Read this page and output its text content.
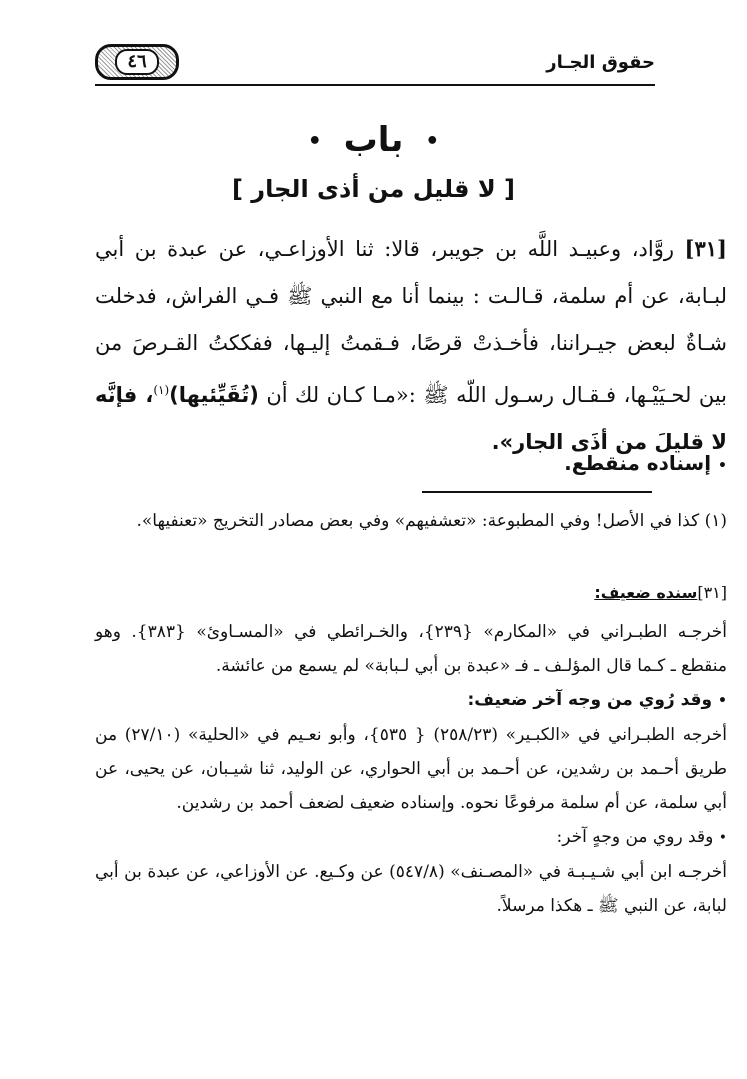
حقوق الجـار
٤٦
• باب •
[ لا قليل من أذى الجار ]
[٣١] روَّاد، وعبيـد اللَّه بن جويبر، قالا: ثنا الأوزاعـي، عن عبدة بن أبي لبـابة، عن أم سلمة، قـالـت : بينما أنا مع النبي ﷺ فـي الفراش، فدخلت شـاةٌ لبعض جيـراننا، فأخـذتْ قرصًا، فـقمتُ إليـها، ففككتُ القـرصَ من بين لحـيَيْـها، فـقـال رسـول اللّه ﷺ :«مـا كـان لك أن (تُقَيِّئيها)$^{(١)}$، فإنَّه لا قليلَ من أذَى الجار».
• إسناده منقطع.
(١) كذا في الأصل! وفي المطبوعة: «تعشفيهم» وفي بعض مصادر التخريج «تعنفيها».
[٣١]سنده ضعيف:

أخرجـه الطبـراني في «المكارم» {٢٣٩}، والخـرائطي في «المسـاوئ» {٣٨٣}. وهو منقطع ـ كـما قال المؤلـف ـ فـ «عبدة بن أبي لـبابة» لم يسمع من عائشة.

• وقد رُوي من وجه آخر ضعيف:

أخرجه الطبـراني في «الكبـير» (٢٥٨/٢٣) { ٥٣٥}، وأبو نعـيم في «الحلية» (٢٧/١٠) من طريق أحـمد بن رشدين، عن أحـمد بن أبي الحواري، عن الوليد، ثنا شيـبان، عن يحيى، عن أبي سلمة، عن أم سلمة مرفوعًا نحوه. وإسناده ضعيف لضعف أحمد بن رشدين.

• وقد روي من وجهٍ آخر:

أخرجـه ابن أبي شـيـبـة في «المصـنف» (٥٤٧/٨) عن وكـيع. عن الأوزاعي، عن عبدة بن أبي لبابة، عن النبي ﷺ ـ هكذا مرسلاً.
